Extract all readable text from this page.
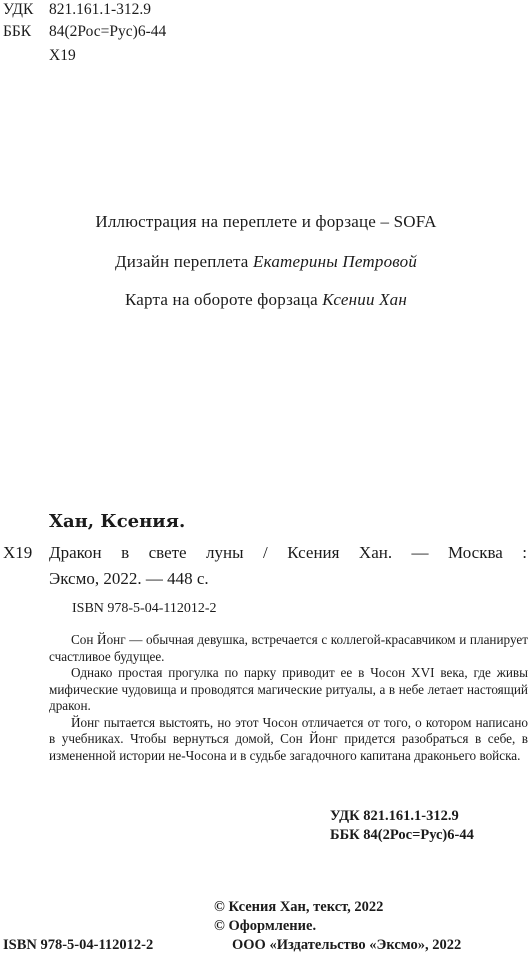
УДК 821.161.1-312.9
ББК 84(2Рос=Рус)6-44
Х19
Иллюстрация на переплете и форзаце – SOFA
Дизайн переплета Екатерины Петровой
Карта на обороте форзаца Ксении Хан
Хан, Ксения.
Х19 Дракон в свете луны / Ксения Хан. — Москва :
Эксмо, 2022. — 448 с.
ISBN 978-5-04-112012-2

Сон Йонг — обычная девушка, встречается с коллегой-красавчиком и планирует счастливое будущее.

Однако простая прогулка по парку приводит ее в Чосон XVI века, где живы мифические чудовища и проводятся магические ритуалы, а в небе летает настоящий дракон.

Йонг пытается выстоять, но этот Чосон отличается от того, о котором написано в учебниках. Чтобы вернуться домой, Сон Йонг придется разобраться в себе, в измененной истории не-Чосона и в судьбе загадочного капитана драконьего войска.

УДК 821.161.1-312.9
ББК 84(2Рос=Рус)6-44
© Ксения Хан, текст, 2022
© Оформление.
ООО «Издательство «Эксмо», 2022
ISBN 978-5-04-112012-2
